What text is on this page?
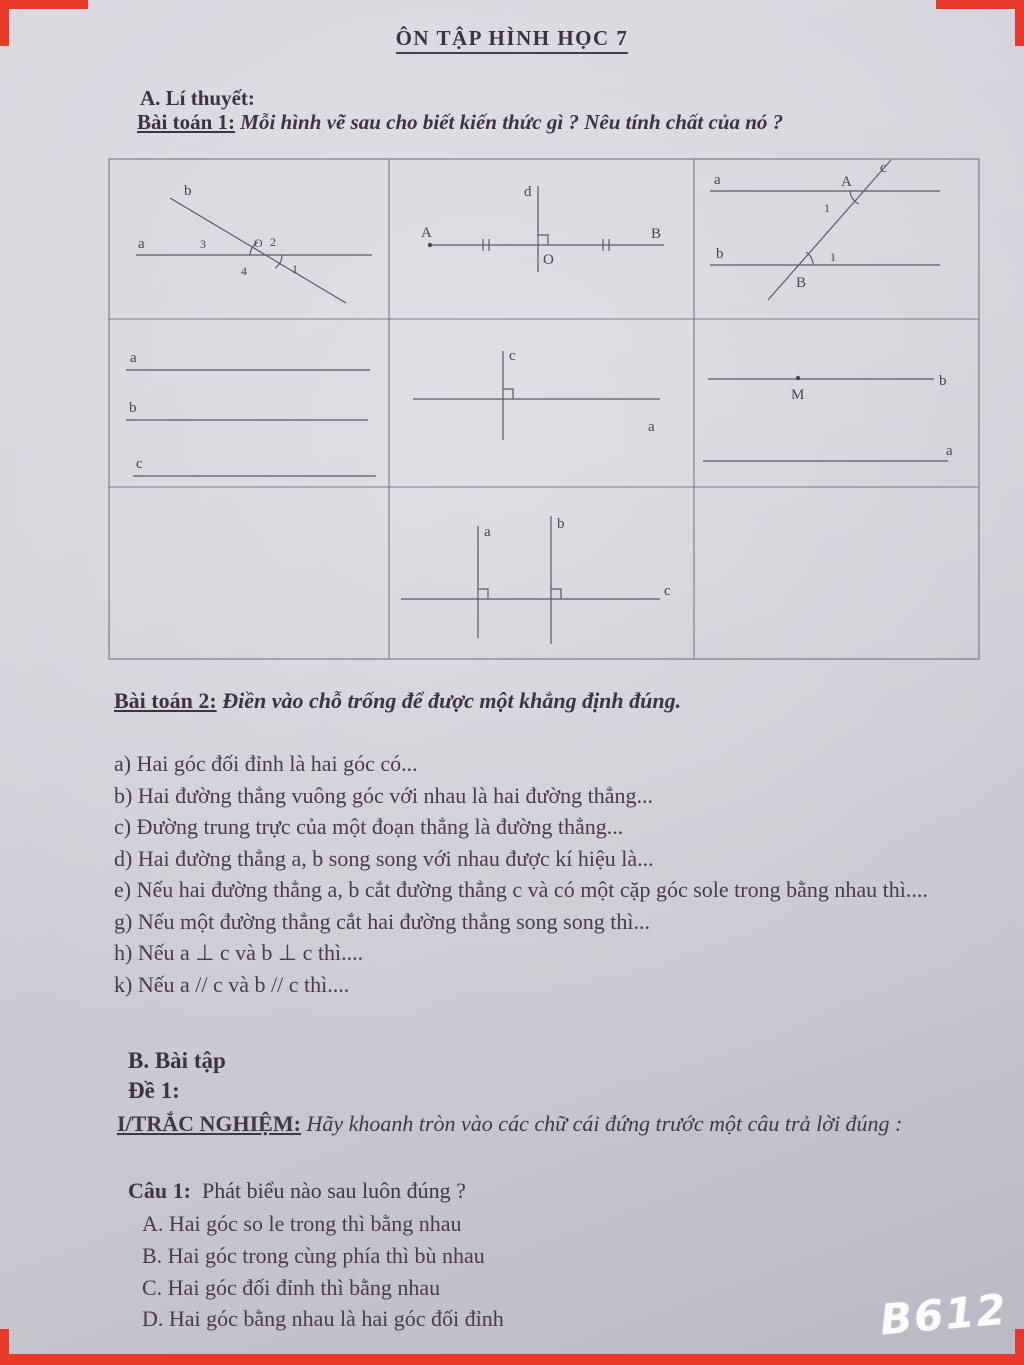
ÔN TẬP HÌNH HỌC 7
A. Lí thuyết:
Bài toán 1: Mỗi hình vẽ sau cho biết kiến thức gì ? Nêu tính chất của nó ?
b
a	3	O 2
4	1
A	B
d
O
a
c
A
1
b	1
B
a
b
c
c
a
b
M
a
a	b
c
Bài toán 2: Điền vào chỗ trống để được một khẳng định đúng.
a) Hai góc đối đỉnh là hai góc có...
b) Hai đường thẳng vuông góc với nhau là hai đường thẳng...
c) Đường trung trực của một đoạn thẳng là đường thẳng...
d) Hai đường thẳng a, b song song với nhau được kí hiệu là...
e) Nếu hai đường thẳng a, b cắt đường thẳng c và có một cặp góc sole trong bằng nhau thì....
g) Nếu một đường thẳng cắt hai đường thẳng song song thì...
h) Nếu a ⊥ c và b ⊥ c thì....
k) Nếu a // c và b // c thì....
B. Bài tập
Đề 1:
I/TRẮC NGHIỆM: Hãy khoanh tròn vào các chữ cái đứng trước một câu trả lời đúng :
Câu 1:  Phát biểu nào sau luôn đúng ?
A. Hai góc so le trong thì bằng nhau
B. Hai góc trong cùng phía thì bù nhau
C. Hai góc đối đỉnh thì bằng nhau
D. Hai góc bằng nhau là hai góc đối đỉnh	B612
